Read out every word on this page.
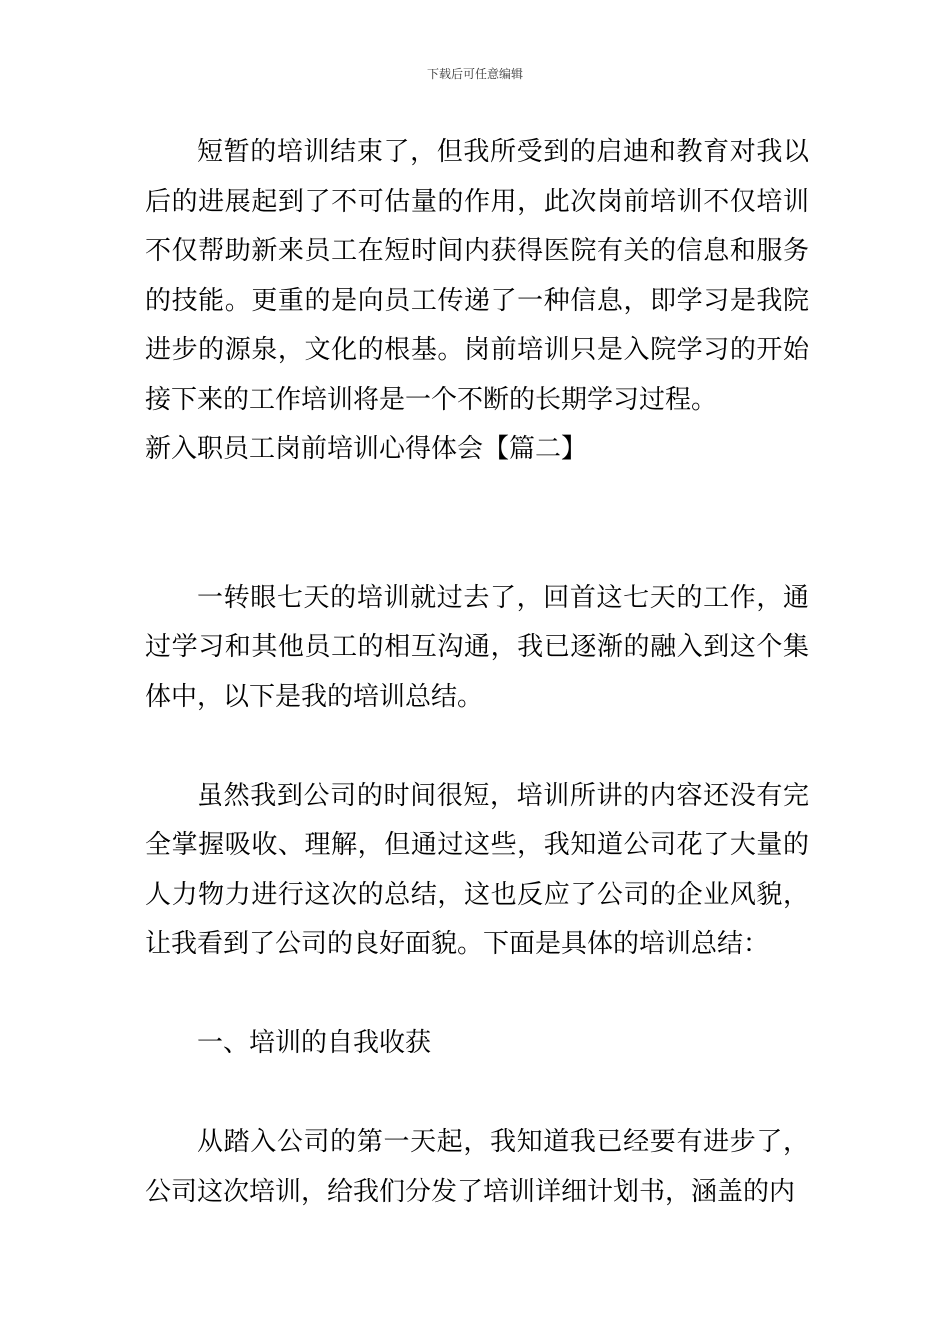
下载后可任意编辑

短暂的培训结束了，但我所受到的启迪和教育对我以后的进展起到了不可估量的作用，此次岗前培训不仅培训不仅帮助新来员工在短时间内获得医院有关的信息和服务的技能。更重的是向员工传递了一种信息，即学习是我院进步的源泉，文化的根基。岗前培训只是入院学习的开始接下来的工作培训将是一个不断的长期学习过程。

新入职员工岗前培训心得体会【篇二】

一转眼七天的培训就过去了，回首这七天的工作，通过学习和其他员工的相互沟通，我已逐渐的融入到这个集体中，以下是我的培训总结。

虽然我到公司的时间很短，培训所讲的内容还没有完全掌握吸收、理解，但通过这些，我知道公司花了大量的人力物力进行这次的总结，这也反应了公司的企业风貌，让我看到了公司的良好面貌。下面是具体的培训总结：

一、培训的自我收获

从踏入公司的第一天起，我知道我已经要有进步了，公司这次培训，给我们分发了培训详细计划书，涵盖的内
